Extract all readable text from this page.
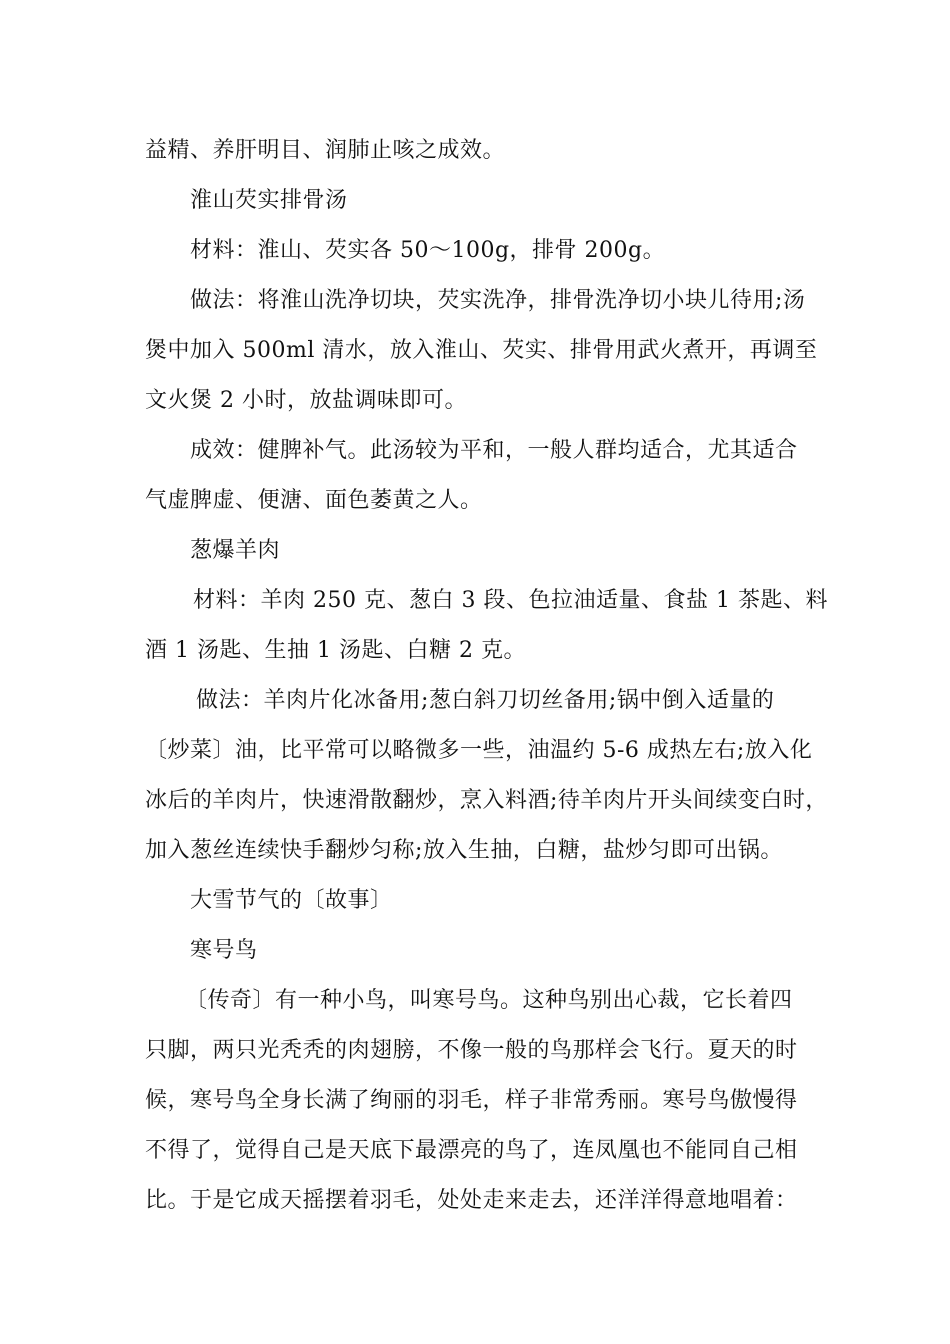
益精、养肝明目、润肺止咳之成效。
淮山芡实排骨汤
材料：淮山、芡实各 50～100g，排骨 200g。
做法：将淮山洗净切块，芡实洗净，排骨洗净切小块儿待用;汤
煲中加入 500ml 清水，放入淮山、芡实、排骨用武火煮开，再调至
文火煲 2 小时，放盐调味即可。
成效：健脾补气。此汤较为平和，一般人群均适合，尤其适合
气虚脾虚、便溏、面色萎黄之人。
葱爆羊肉
材料：羊肉 250 克、葱白 3 段、色拉油适量、食盐 1 茶匙、料
酒 1 汤匙、生抽 1 汤匙、白糖 2 克。
做法：羊肉片化冰备用;葱白斜刀切丝备用;锅中倒入适量的
〔炒菜〕油，比平常可以略微多一些，油温约 5-6 成热左右;放入化
冰后的羊肉片，快速滑散翻炒，烹入料酒;待羊肉片开头间续变白时，
加入葱丝连续快手翻炒匀称;放入生抽，白糖，盐炒匀即可出锅。
大雪节气的〔故事〕
寒号鸟
〔传奇〕有一种小鸟，叫寒号鸟。这种鸟别出心裁，它长着四
只脚，两只光秃秃的肉翅膀，不像一般的鸟那样会飞行。夏天的时
候，寒号鸟全身长满了绚丽的羽毛，样子非常秀丽。寒号鸟傲慢得
不得了，觉得自己是天底下最漂亮的鸟了，连凤凰也不能同自己相
比。于是它成天摇摆着羽毛，处处走来走去，还洋洋得意地唱着：
